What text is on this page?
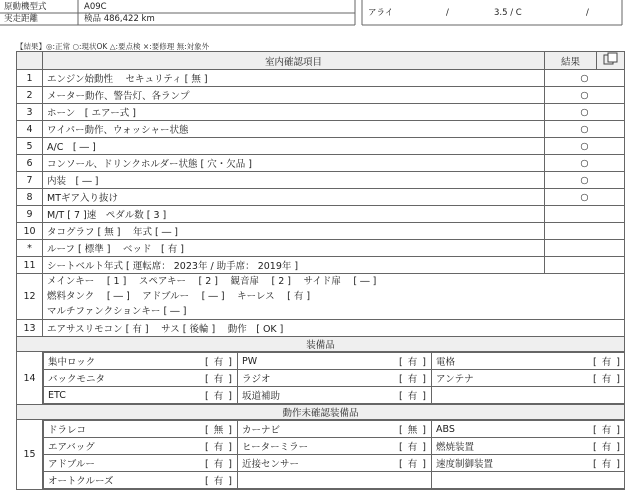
原動機型式	A09C
実走距離	検品 486,422 km
アライ	/	3.5 / C	/
【結果】◎:正常 ○:現状OK △:要点検 ×:要修理 無:対象外
	室内確認項目	結果	
1	エンジン始動性　 セキュリティ [ 無 ]	○
2	メーター動作、警告灯、各ランプ	○
3	ホーン　[ エアー式 ]	○
4	ワイパー動作、ウォッシャー状態	○
5	A/C　[ ― ]	○
6	コンソール、ドリンクホルダー状態 [ 穴・欠品 ]	○
7	内装　[ ― ]	○
8	MTギア入り抜け	○
9	M/T [ 7 ]速　ペダル数 [ 3 ]	
10	タコグラフ [ 無 ]　 年式 [ ― ]	
*	ルーフ [ 標準 ]　 ベッド　[ 有 ]	
11	シートベルト年式 [ 運転席： 2023年 / 助手席： 2019年 ]	
12	
メインキー　 [ 1 ]　 スペアキー　 [ 2 ]　 観音扉　 [ 2 ]　 サイド扉　 [ ― ]
燃料タンク　 [ ― ]　 アドブルー　 [ ― ]　 キーレス　 [ 有 ]
マルチファンクションキー [ ― ]

13	エアサスリモコン [ 有 ]　 サス [ 後輪 ]　 動作　[ OK ]
装備品
14	
集中ロック	[ 有 ]	PW	[ 有 ]	電格	[ 有 ]
バックモニタ	[ 有 ]	ラジオ	[ 有 ]	アンテナ	[ 有 ]
ETC	[ 有 ]	坂道補助	[ 有 ]		

動作未確認装備品
15	
ドラレコ	[ 無 ]	カーナビ	[ 無 ]	ABS	[ 有 ]
エアバッグ	[ 有 ]	ヒーターミラー	[ 有 ]	燃焼装置	[ 有 ]
アドブルー	[ 有 ]	近接センサー	[ 有 ]	速度制御装置	[ 有 ]
オートクルーズ	[ 有 ]				
